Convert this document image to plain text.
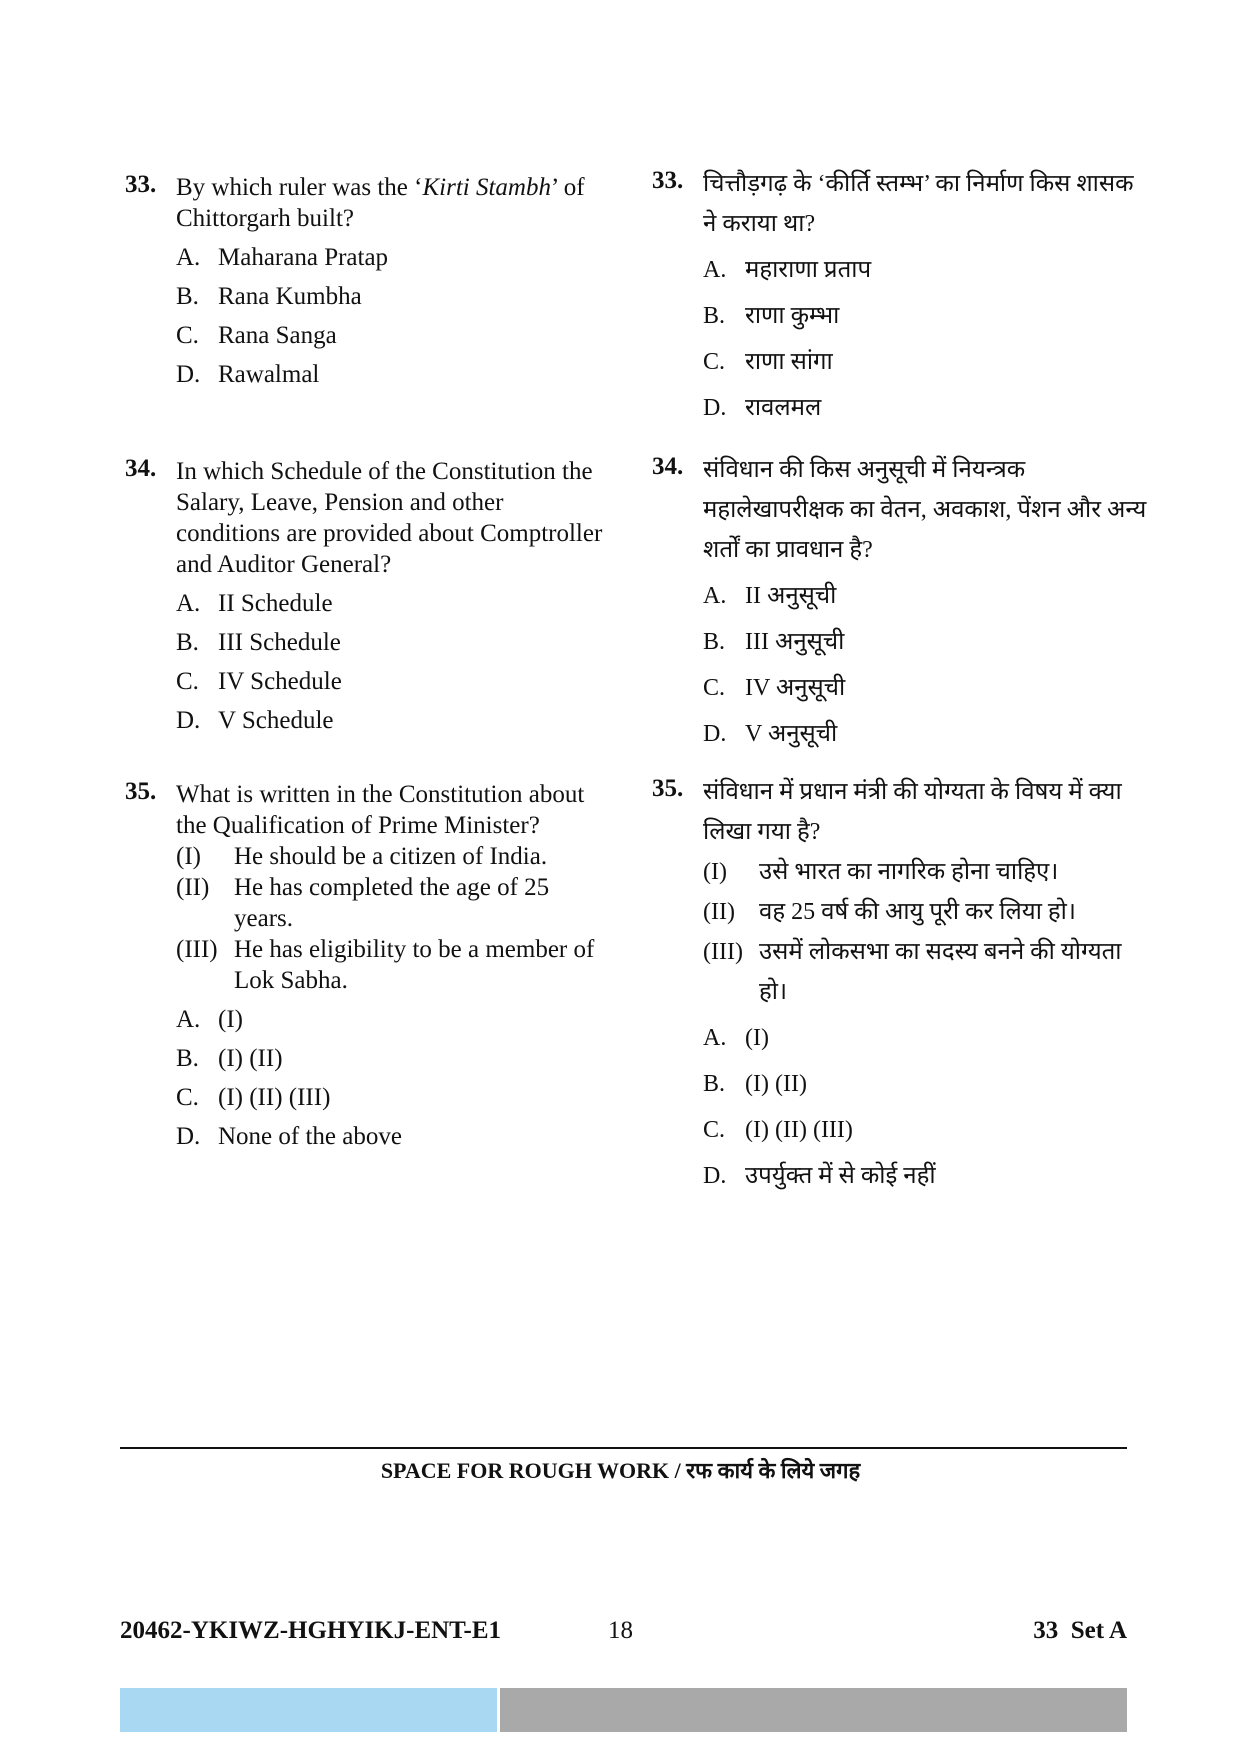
33. By which ruler was the ‘Kirti Stambh’ of Chittorgarh built?
A. Maharana Pratap
B. Rana Kumbha
C. Rana Sanga
D. Rawalmal
34. In which Schedule of the Constitution the Salary, Leave, Pension and other conditions are provided about Comptroller and Auditor General?
A. II Schedule
B. III Schedule
C. IV Schedule
D. V Schedule
35. What is written in the Constitution about the Qualification of Prime Minister?
(I)	He should be a citizen of India.
(II) He has completed the age of 25 years.
(III) He has eligibility to be a member of Lok Sabha.
A. (I)
B. (I) (II)
C. (I) (II) (III)
D. None of the above
33. चित्तौड़गढ़ के ‘कीर्ति स्तम्भ’ का निर्माण किस शासक ने कराया था?
A. महाराणा प्रताप
B. राणा कुम्भा
C. राणा सांगा
D. रावलमल
34. संविधान की किस अनुसूची में नियन्त्रक महालेखापरीक्षक का वेतन, अवकाश, पेंशन और अन्य शर्तों का प्रावधान है?
A. II अनुसूची
B. III अनुसूची
C. IV अनुसूची
D. V अनुसूची
35. संविधान में प्रधान मंत्री की योग्यता के विषय में क्या लिखा गया है?
(I)	उसे भारत का नागरिक होना चाहिए।
(II)	वह 25 वर्ष की आयु पूरी कर लिया हो।
(III) उसमें लोकसभा का सदस्य बनने की योग्यता हो।
A. (I)
B. (I) (II)
C. (I) (II) (III)
D. उपर्युक्त में से कोई नहीं
SPACE FOR ROUGH WORK / रफ कार्य के लिये जगह
20462-YKIWZ-HGHYIKJ-ENT-E1	18	33  Set A
